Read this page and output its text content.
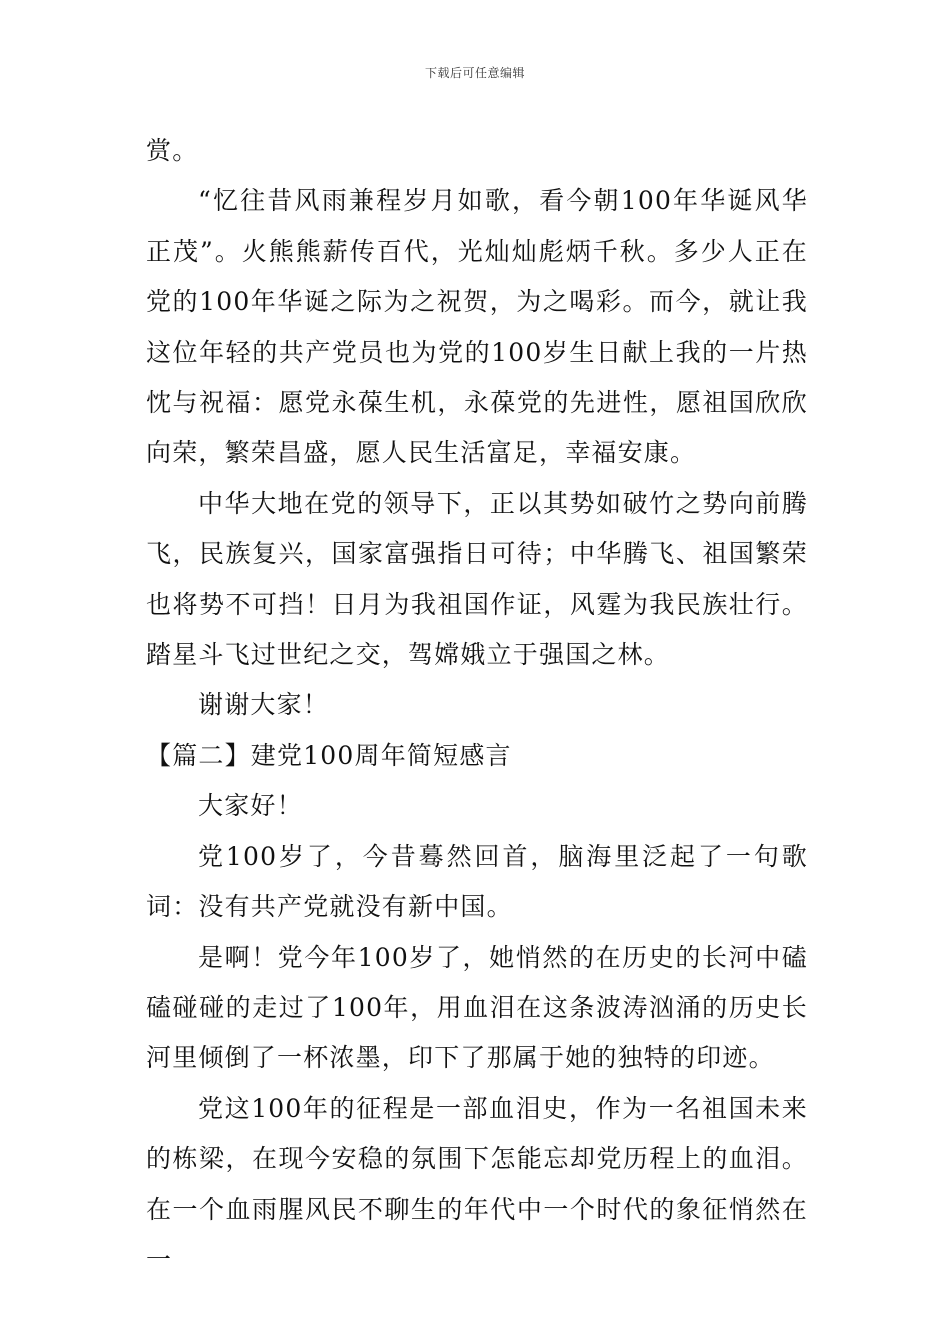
下载后可任意编辑

赏。

“忆往昔风雨兼程岁月如歌，看今朝100年华诞风华正茂”。火熊熊薪传百代，光灿灿彪炳千秋。多少人正在党的100年华诞之际为之祝贺，为之喝彩。而今，就让我这位年轻的共产党员也为党的100岁生日献上我的一片热忱与祝福：愿党永葆生机，永葆党的先进性，愿祖国欣欣向荣，繁荣昌盛，愿人民生活富足，幸福安康。

中华大地在党的领导下，正以其势如破竹之势向前腾飞，民族复兴，国家富强指日可待；中华腾飞、祖国繁荣也将势不可挡！日月为我祖国作证，风霆为我民族壮行。踏星斗飞过世纪之交，驾嫦娥立于强国之林。

谢谢大家！

【篇二】建党100周年简短感言

大家好！

党100岁了，今昔蓦然回首，脑海里泛起了一句歌词：没有共产党就没有新中国。

是啊！党今年100岁了，她悄然的在历史的长河中磕磕碰碰的走过了100年，用血泪在这条波涛汹涌的历史长河里倾倒了一杯浓墨，印下了那属于她的独特的印迹。

党这100年的征程是一部血泪史，作为一名祖国未来的栋梁，在现今安稳的氛围下怎能忘却党历程上的血泪。在一个血雨腥风民不聊生的年代中一个时代的象征悄然在一
